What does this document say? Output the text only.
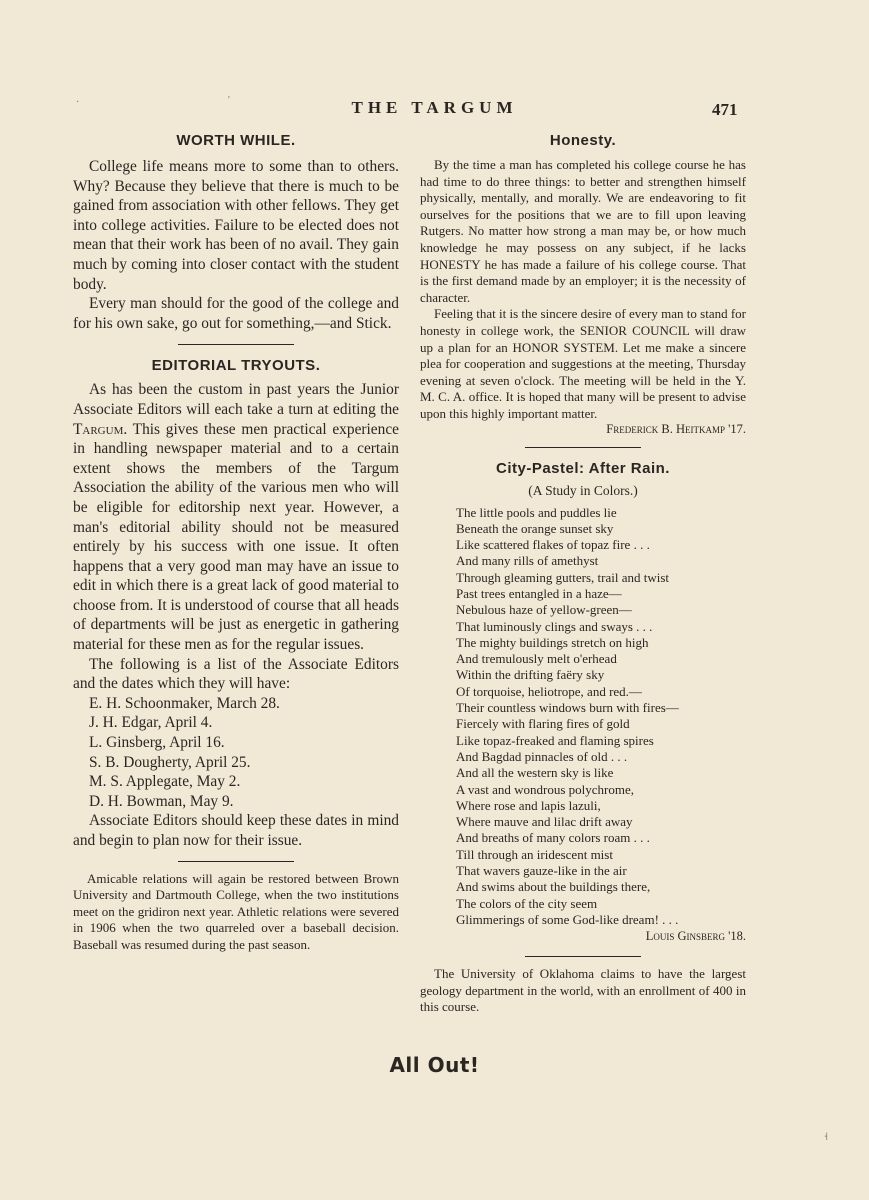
·	'	THE TARGUM	471
WORTH WHILE.

College life means more to some than to others. Why? Because they believe that there is much to be gained from association with other fellows. They get into college activities. Failure to be elected does not mean that their work has been of no avail. They gain much by coming into closer contact with the student body.

Every man should for the good of the college and for his own sake, go out for something,—and Stick.

EDITORIAL TRYOUTS.

As has been the custom in past years the Junior Associate Editors will each take a turn at editing the Targum. This gives these men practical experience in handling newspaper material and to a certain extent shows the members of the Targum Association the ability of the various men who will be eligible for editorship next year. However, a man's editorial ability should not be measured entirely by his success with one issue. It often happens that a very good man may have an issue to edit in which there is a great lack of good material to choose from. It is understood of course that all heads of departments will be just as energetic in gathering material for these men as for the regular issues.

The following is a list of the Associate Editors and the dates which they will have:

E. H. Schoonmaker, March 28.
J. H. Edgar, April 4.
L. Ginsberg, April 16.
S. B. Dougherty, April 25.
M. S. Applegate, May 2.
D. H. Bowman, May 9.

Associate Editors should keep these dates in mind and begin to plan now for their issue.

Amicable relations will again be restored between Brown University and Dartmouth College, when the two institutions meet on the gridiron next year. Athletic relations were severed in 1906 when the two quarreled over a baseball decision. Baseball was resumed during the past season.

Honesty.

By the time a man has completed his college course he has had time to do three things: to better and strengthen himself physically, mentally, and morally. We are endeavoring to fit ourselves for the positions that we are to fill upon leaving Rutgers. No matter how strong a man may be, or how much knowledge he may possess on any subject, if he lacks HONESTY he has made a failure of his college course. That is the first demand made by an employer; it is the necessity of character.

Feeling that it is the sincere desire of every man to stand for honesty in college work, the SENIOR COUNCIL will draw up a plan for an HONOR SYSTEM. Let me make a sincere plea for cooperation and suggestions at the meeting, Thursday evening at seven o'clock. The meeting will be held in the Y. M. C. A. office. It is hoped that many will be present to advise upon this highly important matter.

Frederick B. Heitkamp '17.
City-Pastel: After Rain.
(A Study in Colors.)
The little pools and puddles lie
Beneath the orange sunset sky
Like scattered flakes of topaz fire . . .
And many rills of amethyst
Through gleaming gutters, trail and twist
Past trees entangled in a haze—
Nebulous haze of yellow-green—
That luminously clings and sways . . .
The mighty buildings stretch on high
And tremulously melt o'erhead
Within the drifting faëry sky
Of torquoise, heliotrope, and red.—
Their countless windows burn with fires—
Fiercely with flaring fires of gold
Like topaz-freaked and flaming spires
And Bagdad pinnacles of old . . .
And all the western sky is like
A vast and wondrous polychrome,
Where rose and lapis lazuli,
Where mauve and lilac drift away
And breaths of many colors roam . . .
Till through an iridescent mist
That wavers gauze-like in the air
And swims about the buildings there,
The colors of the city seem
Glimmerings of some God-like dream! . . .
Louis Ginsberg '18.

The University of Oklahoma claims to have the largest geology department in the world, with an enrollment of 400 in this course.

All Out!
˧
